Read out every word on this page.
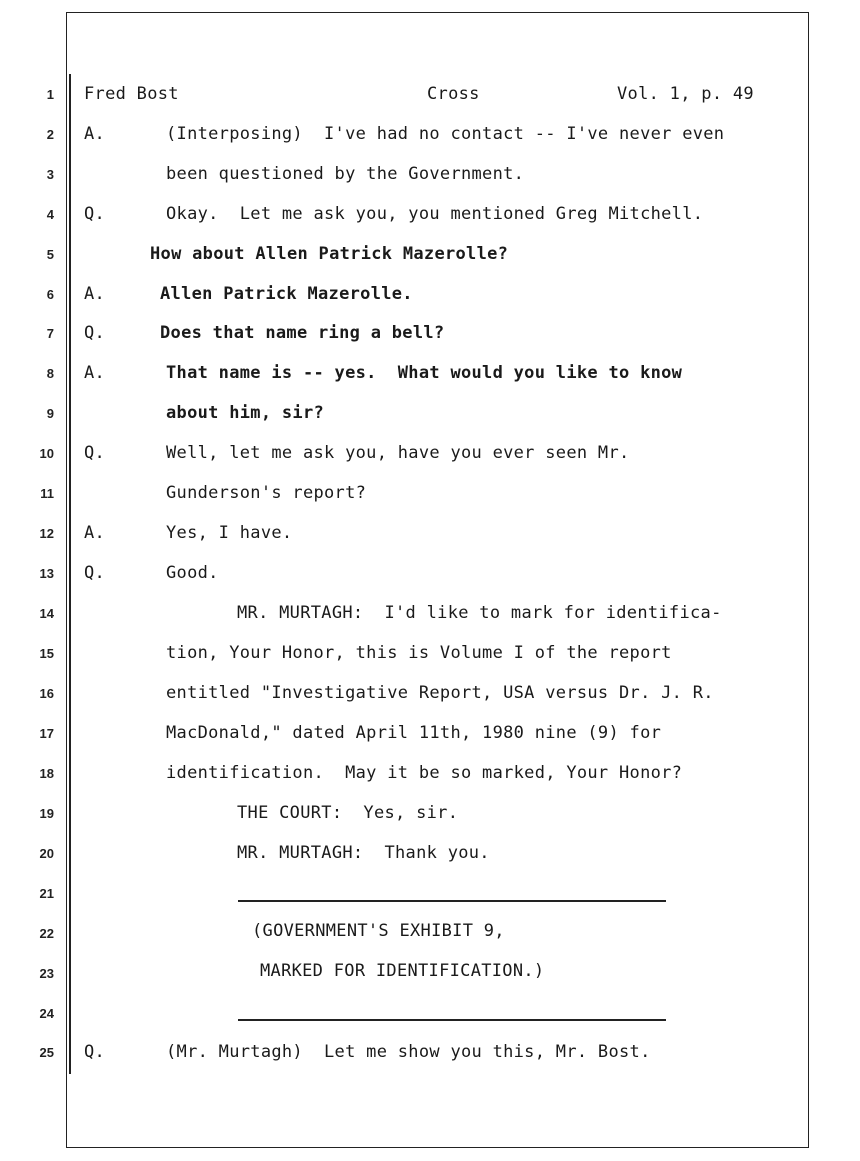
1
2
3
4
5
6
7
8
9
10
11
12
13
14
15
16
17
18
19
20
21
22
23
24
25
Fred Bost	Cross	Vol. 1, p. 49
A.	(Interposing)  I've had no contact -- I've never even
been questioned by the Government.
Q.	Okay.  Let me ask you, you mentioned Greg Mitchell.
How about Allen Patrick Mazerolle?
A.	Allen Patrick Mazerolle.
Q.	Does that name ring a bell?
A.	That name is -- yes.  What would you like to know
about him, sir?
Q.	Well, let me ask you, have you ever seen Mr.
Gunderson's report?
A.	Yes, I have.
Q.	Good.
MR. MURTAGH:  I'd like to mark for identifica-
tion, Your Honor, this is Volume I of the report
entitled "Investigative Report, USA versus Dr. J. R.
MacDonald," dated April 11th, 1980 nine (9) for
identification.  May it be so marked, Your Honor?
THE COURT:  Yes, sir.
MR. MURTAGH:  Thank you.
(GOVERNMENT'S EXHIBIT 9,
MARKED FOR IDENTIFICATION.)
Q.	(Mr. Murtagh)  Let me show you this, Mr. Bost.
